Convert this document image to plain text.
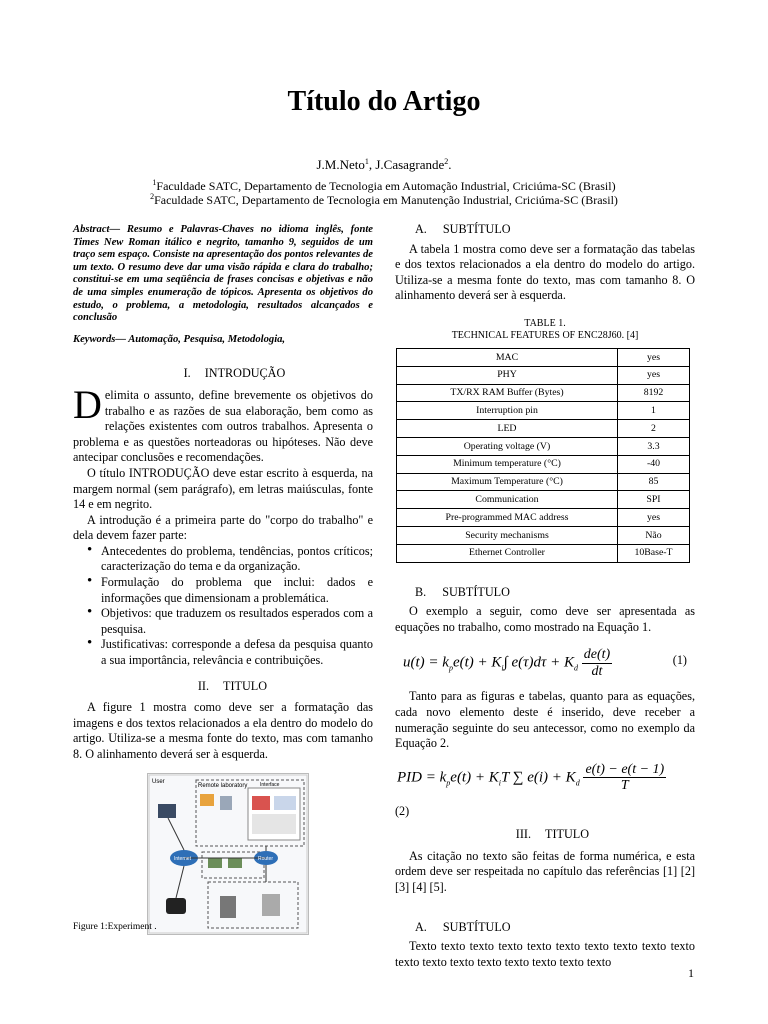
Título do Artigo
J.M.Neto$^1$, J.Casagrande$^2$.
$^1$Faculdade SATC, Departamento de Tecnologia em Automação Industrial, Criciúma-SC (Brasil)
$^2$Faculdade SATC, Departamento de Tecnologia em Manutenção Industrial, Criciúma-SC (Brasil)
Abstract— Resumo e Palavras-Chaves no idioma inglês, fonte Times New Roman itálico e negrito, tamanho 9, seguidos de um traço sem espaço. Consiste na apresentação dos pontos relevantes de um texto. O resumo deve dar uma visão rápida e clara do trabalho; constitui-se em uma seqüência de frases concisas e objetivas e não de uma simples enumeração de tópicos. Apresenta os objetivos do estudo, o problema, a metodologia, resultados alcançados e conclusão
Keywords— Automação, Pesquisa, Metodologia,
I. INTRODUÇÃO

Delimita o assunto, define brevemente os objetivos do trabalho e as razões de sua elaboração, bem como as relações existentes com outros trabalhos. Apresenta o problema e as questões norteadoras ou hipóteses. Não deve antecipar conclusões e recomendações.

O título INTRODUÇÃO deve estar escrito à esquerda, na margem normal (sem parágrafo), em letras maiúsculas, fonte 14 e em negrito.

A introdução é a primeira parte do "corpo do trabalho" e dela devem fazer parte:

• Antecedentes do problema, tendências, pontos críticos; caracterização do tema e da organização.
• Formulação do problema que inclui: dados e informações que dimensionam a problemática.
• Objetivos: que traduzem os resultados esperados com a pesquisa.
• Justificativas: corresponde a defesa da pesquisa quanto a sua importância, relevância e contribuições.
II. TITULO

A figure 1 mostra como deve ser a formatação das imagens e dos textos relacionados a ela dentro do modelo do artigo. Utiliza-se a mesma fonte do texto, mas com tamanho 8. O alinhamento deverá ser à esquerda.

User
Remote laboratory	Interface
Internet	Router
Figure 1:Experiment .
A. SUBTÍTULO

A tabela 1 mostra como deve ser a formatação das tabelas e dos textos relacionados a ela dentro do modelo do artigo. Utiliza-se a mesma fonte do texto, mas com tamanho 8. O alinhamento deverá ser à esquerda.

TABLE 1.
TECHNICAL FEATURES OF ENC28J60. [4]
MAC	yes
PHY	yes
TX/RX RAM Buffer (Bytes)	8192
Interruption pin	1
LED	2
Operating voltage (V)	3.3
Minimum temperature (°C)	-40
Maximum Temperature (°C)	85
Communication	SPI
Pre-programmed MAC address	yes
Security mechanisms	Não
Ethernet Controller	10Base-T
B. SUBTÍTULO

O exemplo a seguir, como deve ser apresentada as equações no trabalho, como mostrado na Equação 1.

$u(t) = k_pe(t) + K_i\int$ $e(\tau)d\tau + K_d \frac{de(t)}{dt}$	(1)

Tanto para as figuras e tabelas, quanto para as equações, cada novo elemento deste é inserido, deve receber a numeração seguinte do seu antecessor, como no exemplo da Equação 2.

PID = $k_pe(t) + K_iT$ ∑ $e(i) + K_d \frac{e(t) - e(t - 1)}{T}$
(2)
III. TITULO

As citação no texto são feitas de forma numérica, e esta ordem deve ser respeitada no capítulo das referências [1] [2] [3] [4] [5].

A. SUBTÍTULO

Texto texto texto texto texto texto texto texto texto texto texto texto texto texto texto texto texto texto

1
